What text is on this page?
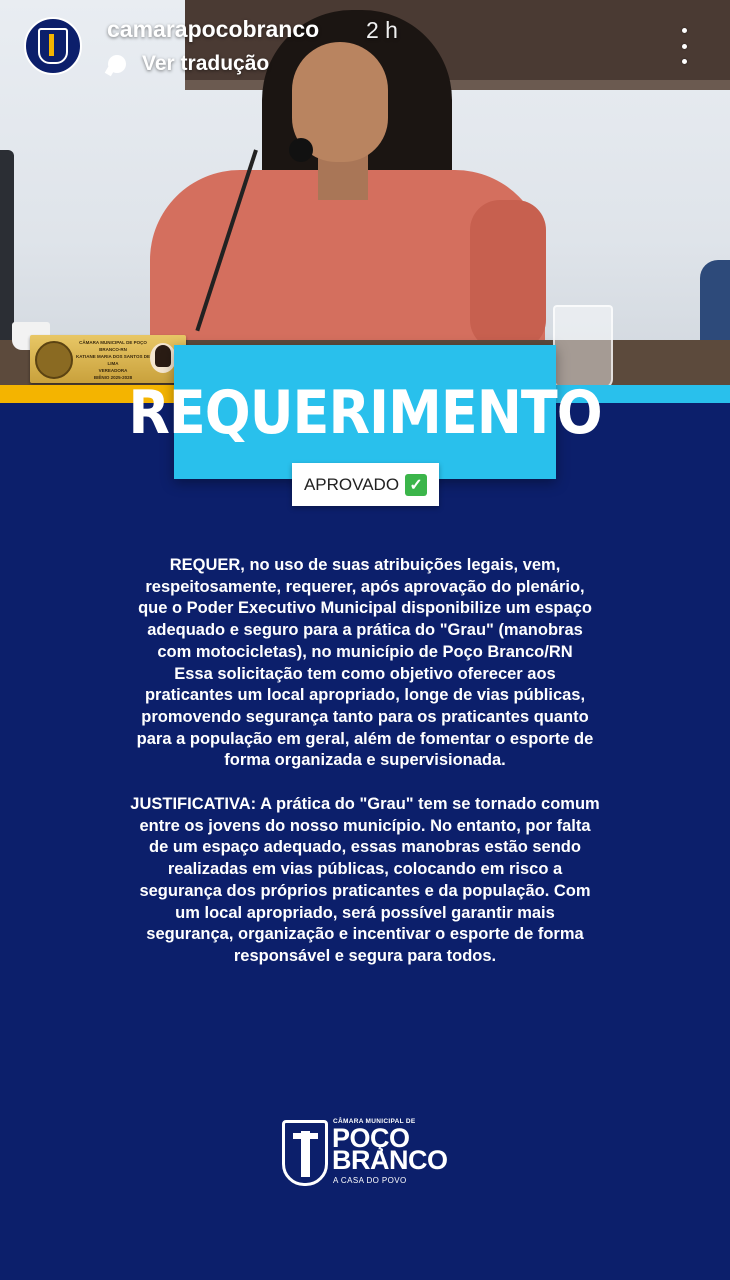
CÂMARA MUNICIPAL DE POÇO BRANCO-RN
KATIANE MARIA DOS SANTOS DE LIMA
VEREADORA
BIÊNIO 2025-2028
REQUERIMENTO
APROVADO ✓

REQUER, no uso de suas atribuições legais, vem, respeitosamente, requerer, após aprovação do plenário, que o Poder Executivo Municipal disponibilize um espaço adequado e seguro para a prática do "Grau" (manobras com motocicletas), no município de Poço Branco/RN

Essa solicitação tem como objetivo oferecer aos praticantes um local apropriado, longe de vias públicas, promovendo segurança tanto para os praticantes quanto para a população em geral, além de fomentar o esporte de forma organizada e supervisionada.

JUSTIFICATIVA: A prática do "Grau" tem se tornado comum entre os jovens do nosso município. No entanto, por falta de um espaço adequado, essas manobras estão sendo realizadas em vias públicas, colocando em risco a segurança dos próprios praticantes e da população. Com um local apropriado, será possível garantir mais segurança, organização e incentivar o esporte de forma responsável e segura para todos.

CÂMARA MUNICIPAL DE
POÇO
BRANCO
A CASA DO POVO
camarapocobranco 2 h
Ver tradução
